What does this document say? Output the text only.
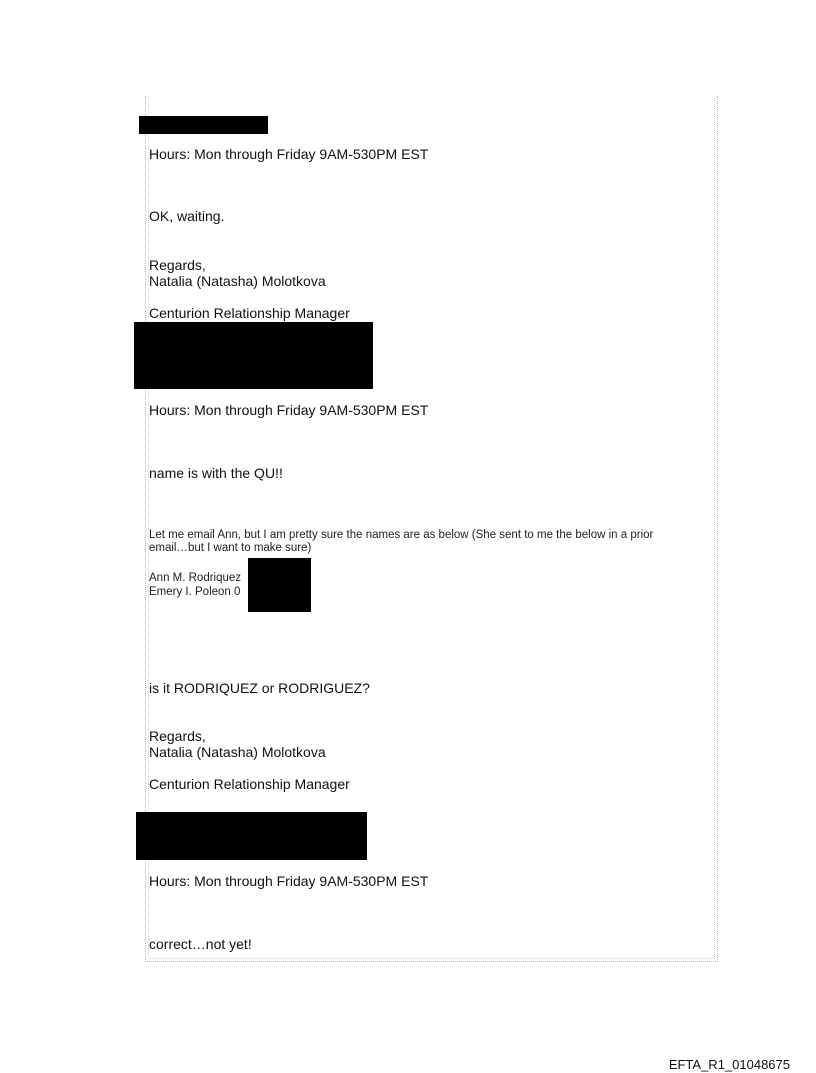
Hours: Mon through Friday 9AM-530PM EST
OK, waiting.
Regards,
Natalia (Natasha) Molotkova
Centurion Relationship Manager
Hours: Mon through Friday 9AM-530PM EST
name is with the QU!!
Let me email Ann, but I am pretty sure the names are as below (She sent to me the below in a prior
email…but I want to make sure)
Ann M. Rodriquez
Emery I. Poleon 0
is it RODRIQUEZ or RODRIGUEZ?
Regards,
Natalia (Natasha) Molotkova
Centurion Relationship Manager

Hours: Mon through Friday 9AM-530PM EST
correct…not yet!
EFTA_R1_01048675
